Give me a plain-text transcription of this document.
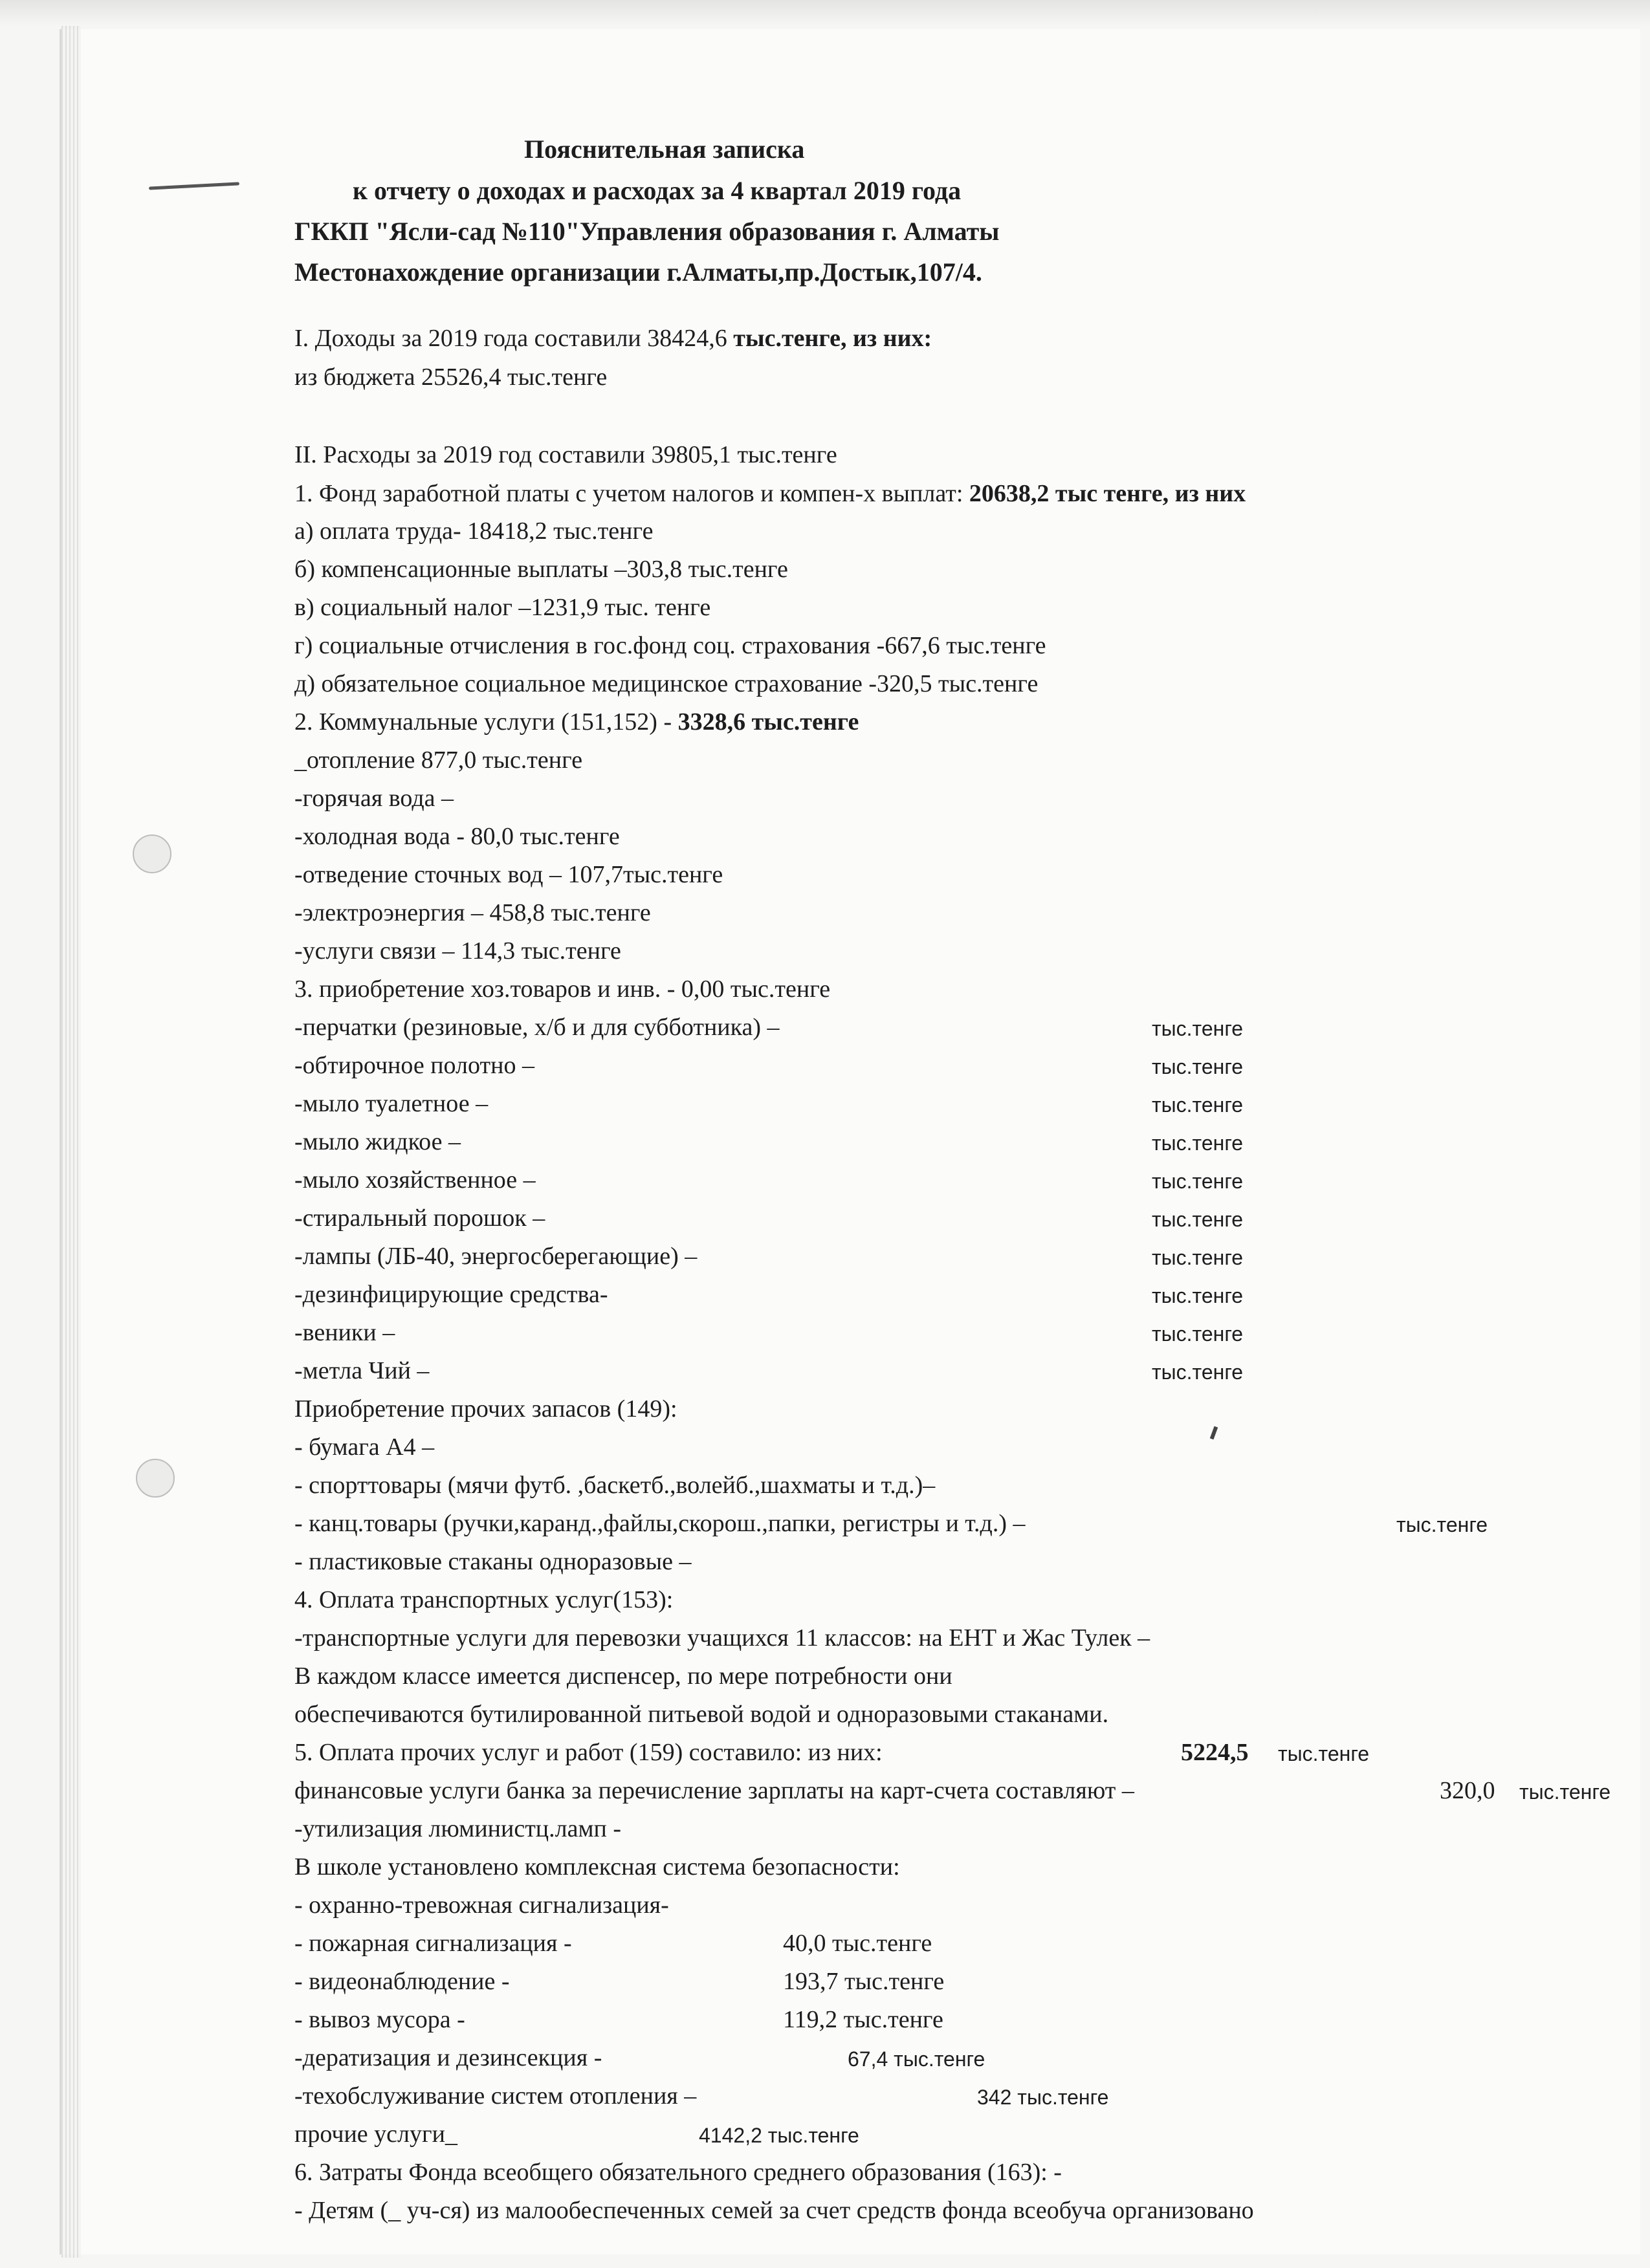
Пояснительная записка
к отчету о доходах и расходах за 4 квартал 2019 года
ГККП "Ясли-сад №110"Управления образования г. Алматы
Местонахождение организации г.Алматы,пр.Достык,107/4.
I. Доходы за 2019 года составили 38424,6 тыс.тенге, из них:
из бюджета 25526,4 тыс.тенге
II. Расходы за 2019 год составили 39805,1 тыс.тенге
1. Фонд заработной платы с учетом налогов и компен-х выплат: 20638,2 тыс тенге, из них
а) оплата труда- 18418,2 тыс.тенге
б) компенсационные выплаты –303,8 тыс.тенге
в) социальный налог –1231,9 тыс. тенге
г) социальные отчисления в гос.фонд соц. страхования -667,6 тыс.тенге
д) обязательное социальное медицинское страхование -320,5 тыс.тенге
2. Коммунальные услуги (151,152) - 3328,6 тыс.тенге
_отопление 877,0 тыс.тенге
-горячая вода –
-холодная вода - 80,0 тыс.тенге
-отведение сточных вод – 107,7тыс.тенге
-электроэнергия – 458,8 тыс.тенге
-услуги связи – 114,3 тыс.тенге
3. приобретение хоз.товаров и инв. - 0,00 тыс.тенге
-перчатки (резиновые, х/б и для субботника) –	тыс.тенге
-обтирочное полотно –	тыс.тенге
-мыло туалетное –	тыс.тенге
-мыло жидкое –	тыс.тенге
-мыло хозяйственное –	тыс.тенге
-стиральный порошок –	тыс.тенге
-лампы (ЛБ-40, энергосберегающие) –	тыс.тенге
-дезинфицирующие средства-	тыс.тенге
-веники –	тыс.тенге
-метла Чий –	тыс.тенге
Приобретение прочих запасов (149):
- бумага А4 –
- спорттовары (мячи футб. ,баскетб.,волейб.,шахматы и т.д.)–
- канц.товары (ручки,каранд.,файлы,скорош.,папки, регистры и т.д.) –	тыс.тенге
- пластиковые стаканы одноразовые –
4. Оплата транспортных услуг(153):
-транспортные услуги для перевозки учащихся 11 классов: на ЕНТ и Жас Тулек –
В каждом классе имеется диспенсер, по мере потребности они
обеспечиваются бутилированной питьевой водой и одноразовыми стаканами.
5. Оплата прочих услуг и работ (159) составило: из них:	5224,5 тыс.тенге
финансовые услуги банка за перечисление зарплаты на карт-счета составляют –	320,0 тыс.тенге
-утилизация люминистц.ламп -
В школе установлено комплексная система безопасности:
- охранно-тревожная сигнализация-
- пожарная сигнализация -	40,0 тыс.тенге
- видеонаблюдение -	193,7 тыс.тенге
- вывоз мусора -	119,2 тыс.тенге
-дератизация и дезинсекция -	67,4 тыс.тенге
-техобслуживание систем отопления –	342 тыс.тенге
прочие услуги_	4142,2 тыс.тенге
6. Затраты Фонда всеобщего обязательного среднего образования (163): -
- Детям (_ уч-ся) из малообеспеченных семей за счет средств фонда всеобуча организовано
